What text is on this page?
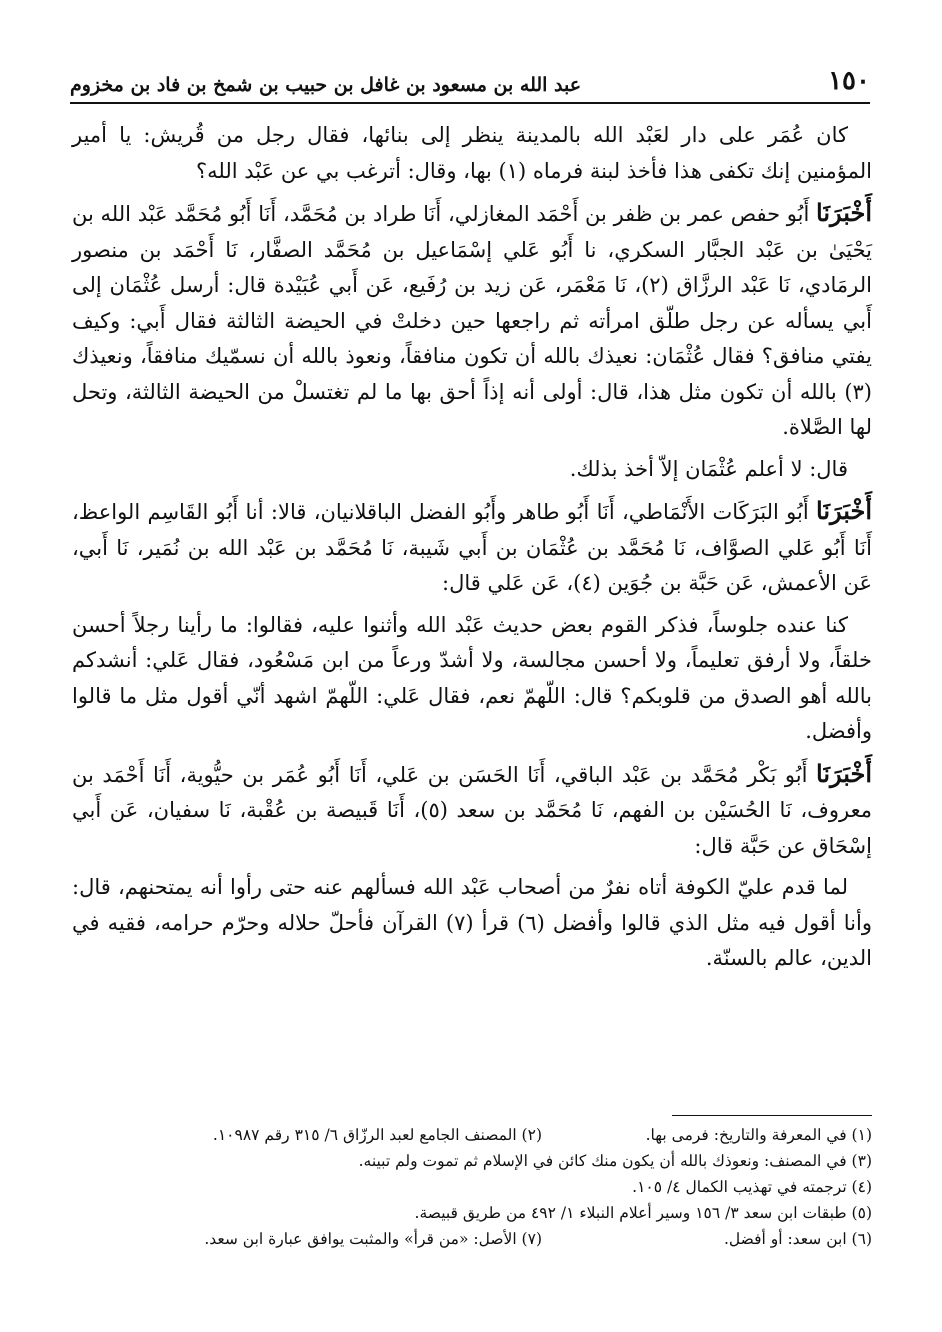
١٥٠
عبد الله بن مسعود بن غافل بن حبيب بن شمخ بن فاد بن مخزوم

كان عُمَر على دار لعَبْد الله بالمدينة ينظر إلى بنائها، فقال رجل من قُريش: يا أمير المؤمنين إنك تكفى هذا فأخذ لبنة فرماه (١) بها، وقال: أترغب بي عن عَبْد الله؟

أَخْبَرَنَا أَبُو حفص عمر بن ظفر بن أَحْمَد المغازلي، أَنَا طراد بن مُحَمَّد، أَنَا أَبُو مُحَمَّد عَبْد الله بن يَحْيَىٰ بن عَبْد الجبَّار السكري، نا أَبُو عَلي إسْمَاعيل بن مُحَمَّد الصفَّار، نَا أَحْمَد بن منصور الرمَادي، نَا عَبْد الرزَّاق (٢)، نَا مَعْمَر، عَن زيد بن رُفَيع، عَن أَبي عُبَيْدة قال: أرسل عُثْمَان إلى أَبي يسأله عن رجل طلّق امرأته ثم راجعها حين دخلتْ في الحيضة الثالثة فقال أَبي: وكيف يفتي منافق؟ فقال عُثْمَان: نعيذك بالله أن تكون منافقاً، ونعوذ بالله أن نسمّيك منافقاً، ونعيذك (٣) بالله أن تكون مثل هذا، قال: أولى أنه إذاً أحق بها ما لم تغتسلْ من الحيضة الثالثة، وتحل لها الصَّلاة.

قال: لا أعلم عُثْمَان إلاّ أخذ بذلك.

أَخْبَرَنَا أَبُو البَرَكَات الأَنْمَاطي، أَنَا أَبُو طاهر وأَبُو الفضل الباقلانيان، قالا: أنا أَبُو القَاسِم الواعظ، أَنَا أَبُو عَلي الصوَّاف، نَا مُحَمَّد بن عُثْمَان بن أَبي شَيبة، نَا مُحَمَّد بن عَبْد الله بن نُمَير، نَا أَبي، عَن الأعمش، عَن حَبَّة بن جُوَين (٤)، عَن عَلي قال:

كنا عنده جلوساً، فذكر القوم بعض حديث عَبْد الله وأثنوا عليه، فقالوا: ما رأينا رجلاً أحسن خلقاً، ولا أرفق تعليماً، ولا أحسن مجالسة، ولا أشدّ ورعاً من ابن مَسْعُود، فقال عَلي: أنشدكم بالله أهو الصدق من قلوبكم؟ قال: اللّهمّ نعم، فقال عَلي: اللّهمّ اشهد أنّي أقول مثل ما قالوا وأفضل.

أَخْبَرَنَا أَبُو بَكْر مُحَمَّد بن عَبْد الباقي، أَنَا الحَسَن بن عَلي، أَنَا أَبُو عُمَر بن حيُّوية، أَنَا أَحْمَد بن معروف، نَا الحُسَيْن بن الفهم، نَا مُحَمَّد بن سعد (٥)، أَنَا قَبيصة بن عُقْبة، نَا سفيان، عَن أَبي إسْحَاق عن حَبَّة قال:

لما قدم عليّ الكوفة أتاه نفرٌ من أصحاب عَبْد الله فسألهم عنه حتى رأوا أنه يمتحنهم، قال: وأنا أقول فيه مثل الذي قالوا وأفضل (٦) قرأ (٧) القرآن فأحلّ حلاله وحرّم حرامه، فقيه في الدين، عالم بالسنّة.

(١) في المعرفة والتاريخ: فرمى بها.
(٢) المصنف الجامع لعبد الرزّاق ٦/ ٣١٥ رقم ١٠٩٨٧.
(٣) في المصنف: ونعوذك بالله أن يكون منك كائن في الإسلام ثم تموت ولم تبينه.
(٤) ترجمته في تهذيب الكمال ٤/ ١٠٥.
(٥) طبقات ابن سعد ٣/ ١٥٦ وسير أعلام النبلاء ١/ ٤٩٢ من طريق قبيصة.
(٦) ابن سعد: أو أفضل.
(٧) الأصل: «من قرأ» والمثبت يوافق عبارة ابن سعد.
